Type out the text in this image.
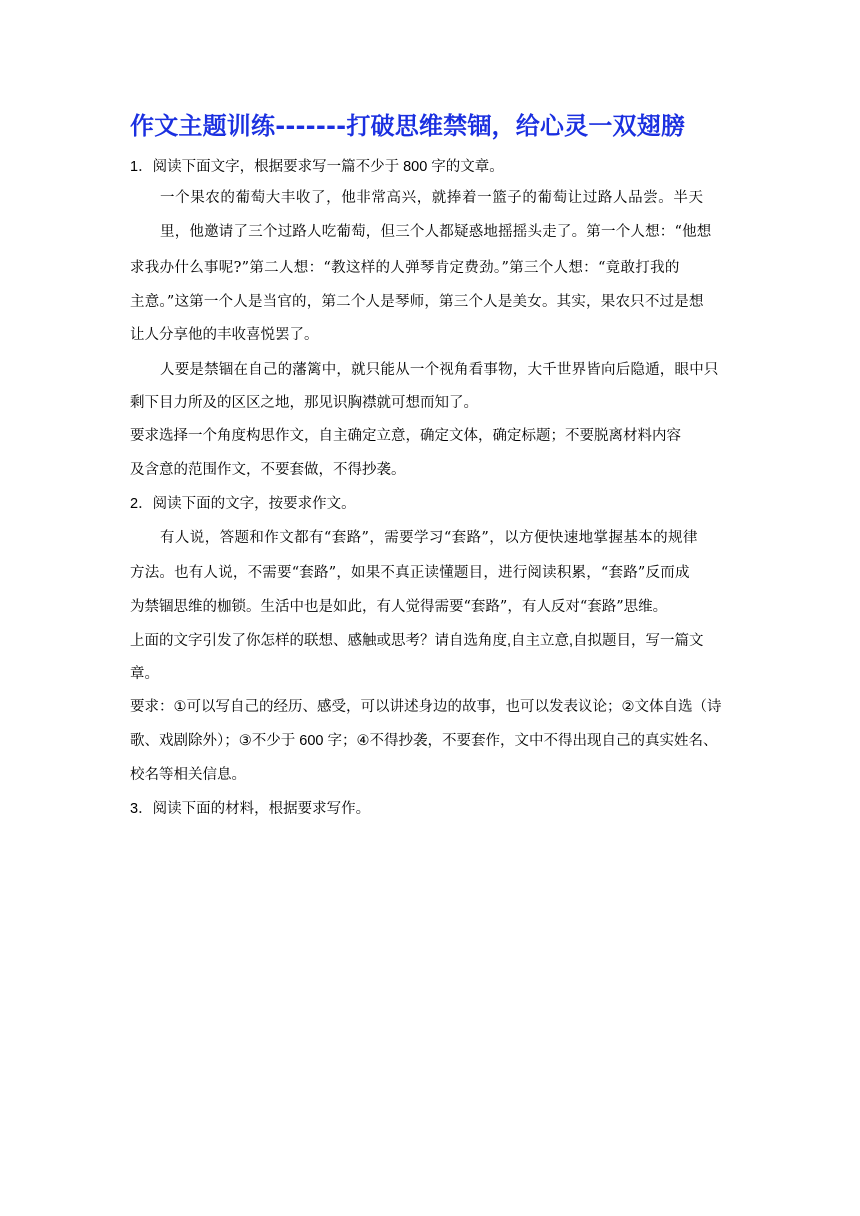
作文主题训练-------打破思维禁锢，给心灵一双翅膀
1．阅读下面文字，根据要求写一篇不少于 800 字的文章。
一个果农的葡萄大丰收了，他非常高兴，就捧着一篮子的葡萄让过路人品尝。半天
里，他邀请了三个过路人吃葡萄，但三个人都疑惑地摇摇头走了。第一个人想：“他想
求我办什么事呢?”第二人想：“教这样的人弹琴肯定费劲。”第三个人想：“竟敢打我的
主意。”这第一个人是当官的，第二个人是琴师，第三个人是美女。其实，果农只不过是想
让人分享他的丰收喜悦罢了。
人要是禁锢在自己的藩篱中，就只能从一个视角看事物，大千世界皆向后隐遁，眼中只
剩下目力所及的区区之地，那见识胸襟就可想而知了。
要求选择一个角度构思作文，自主确定立意，确定文体，确定标题；不要脱离材料内容
及含意的范围作文，不要套做，不得抄袭。
2．阅读下面的文字，按要求作文。
有人说，答题和作文都有“套路”，需要学习“套路”，以方便快速地掌握基本的规律
方法。也有人说，不需要“套路”，如果不真正读懂题目，进行阅读积累，“套路”反而成
为禁锢思维的枷锁。生活中也是如此，有人觉得需要“套路”，有人反对“套路”思维。
上面的文字引发了你怎样的联想、感触或思考？请自选角度,自主立意,自拟题目，写一篇文
章。
要求：①可以写自己的经历、感受，可以讲述身边的故事，也可以发表议论；②文体自选（诗
歌、戏剧除外）；③不少于 600 字；④不得抄袭，不要套作，文中不得出现自己的真实姓名、
校名等相关信息。
3．阅读下面的材料，根据要求写作。
